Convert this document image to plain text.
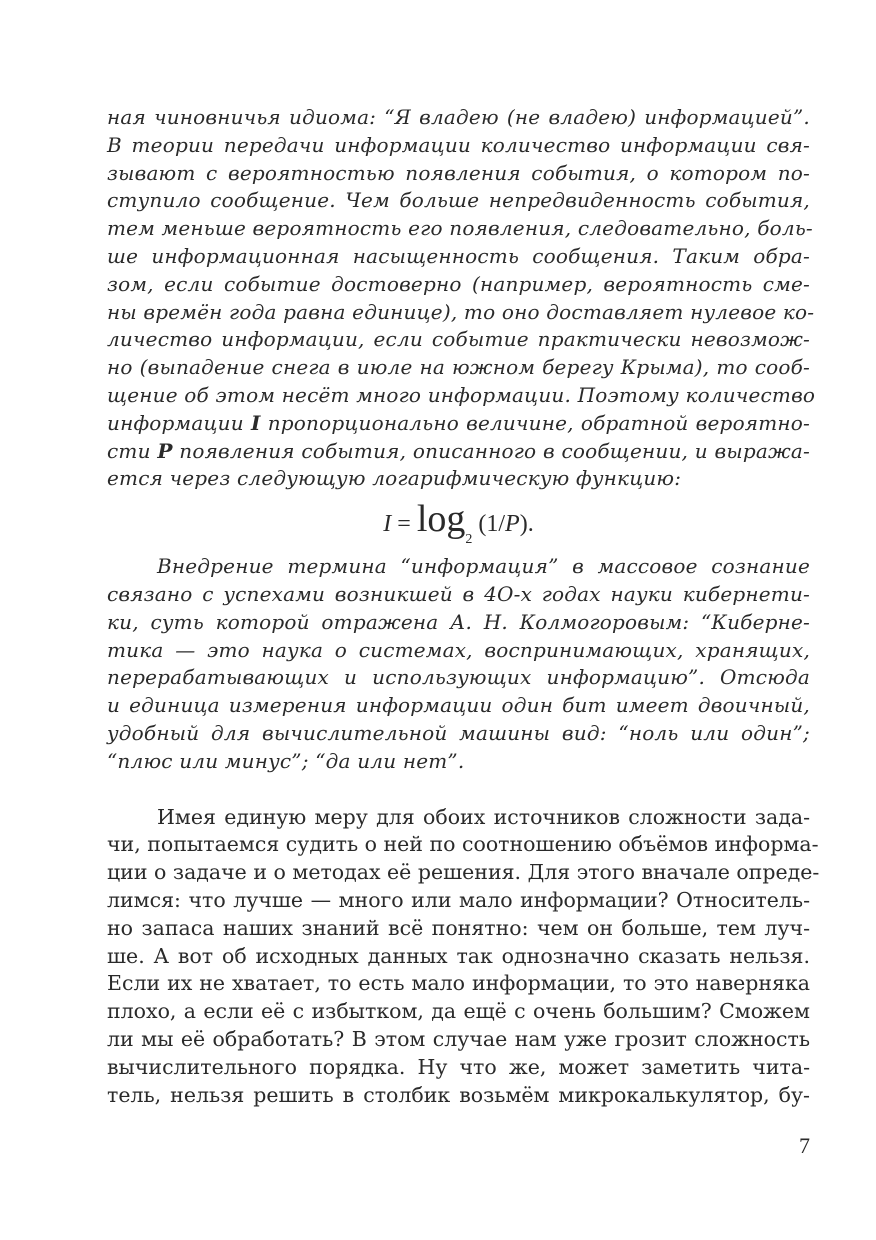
ная чиновничья идиома: “Я владею (не владею) информацией”.
В теории передачи информации количество информации свя-
зывают с вероятностью появления события, о котором по-
ступило сообщение. Чем больше непредвиденность события,
тем меньше вероятность его появления, следовательно, боль-
ше информационная насыщенность сообщения. Таким обра-
зом, если событие достоверно (например, вероятность сме-
ны времён года равна единице), то оно доставляет нулевое ко-
личество информации, если событие практически невозмож-
но (выпадение снега в июле на южном берегу Крыма), то сооб-
щение об этом несёт много информации. Поэтому количество
информации I пропорционально величине, обратной вероятно-
сти P появления события, описанного в сообщении, и выража-
ется через следующую логарифмическую функцию:
$I = \log_2 (1/P)$.
Внедрение термина “информация” в массовое сознание
связано с успехами возникшей в 4О-х годах науки кибернети-
ки, суть которой отражена А. Н. Колмогоровым: “Киберне-
тика — это наука о системах, воспринимающих, хранящих,
перерабатывающих и использующих информацию”. Отсюда
и единица измерения информации один бит имеет двоичный,
удобный для вычислительной машины вид: “ноль или один”;
“плюс или минус”; “да или нет”.
Имея единую меру для обоих источников сложности зада-
чи, попытаемся судить о ней по соотношению объёмов информа-
ции о задаче и о методах её решения. Для этого вначале опреде-
лимся: что лучше — много или мало информации? Относитель-
но запаса наших знаний всё понятно: чем он больше, тем луч-
ше. А вот об исходных данных так однозначно сказать нельзя.
Если их не хватает, то есть мало информации, то это наверняка
плохо, а если её с избытком, да ещё с очень большим? Сможем
ли мы её обработать? В этом случае нам уже грозит сложность
вычислительного порядка. Ну что же, может заметить чита-
тель, нельзя решить в столбик возьмём микрокалькулятор, бу-
7
